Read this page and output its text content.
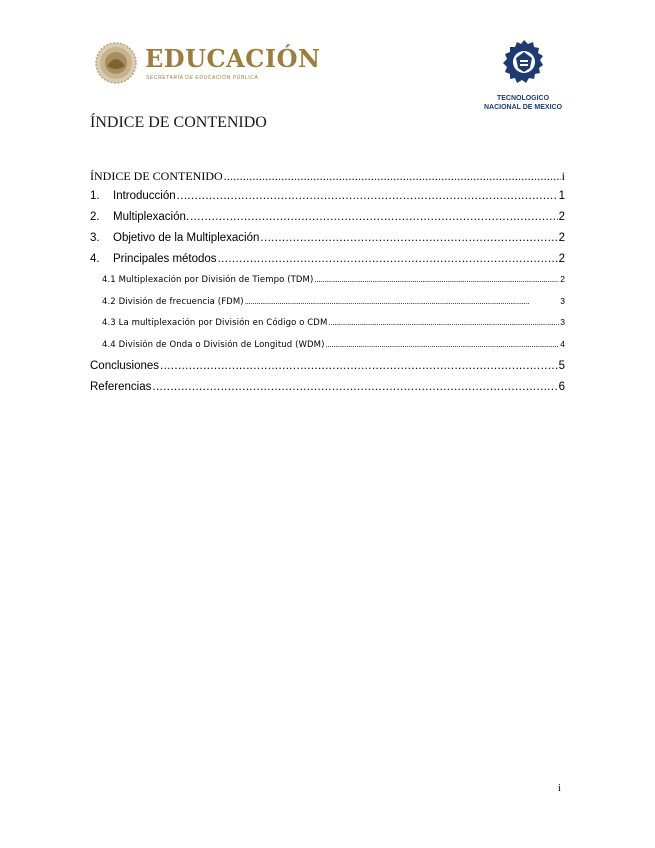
EDUCACIÓN
SECRETARÍA DE EDUCACIÓN PÚBLICA
TECNOLOGICO
NACIONAL DE MEXICO
ÍNDICE DE CONTENIDO
ÍNDICE DE CONTENIDO . . .	i
1. Introducción . . .	1
2. Multiplexación. . . .	2
3. Objetivo de la Multiplexación . . .	2
4. Principales métodos . . .	2
4.1 Multiplexación por División de Tiempo (TDM) . . .	2
4.2 División de frecuencia (FDM) . . .	3
4.3 La multiplexación por División en Código o CDM . . .	3
4.4 División de Onda o División de Longitud (WDM) . . .	4
Conclusiones . . .	5
Referencias . . .	6
i
